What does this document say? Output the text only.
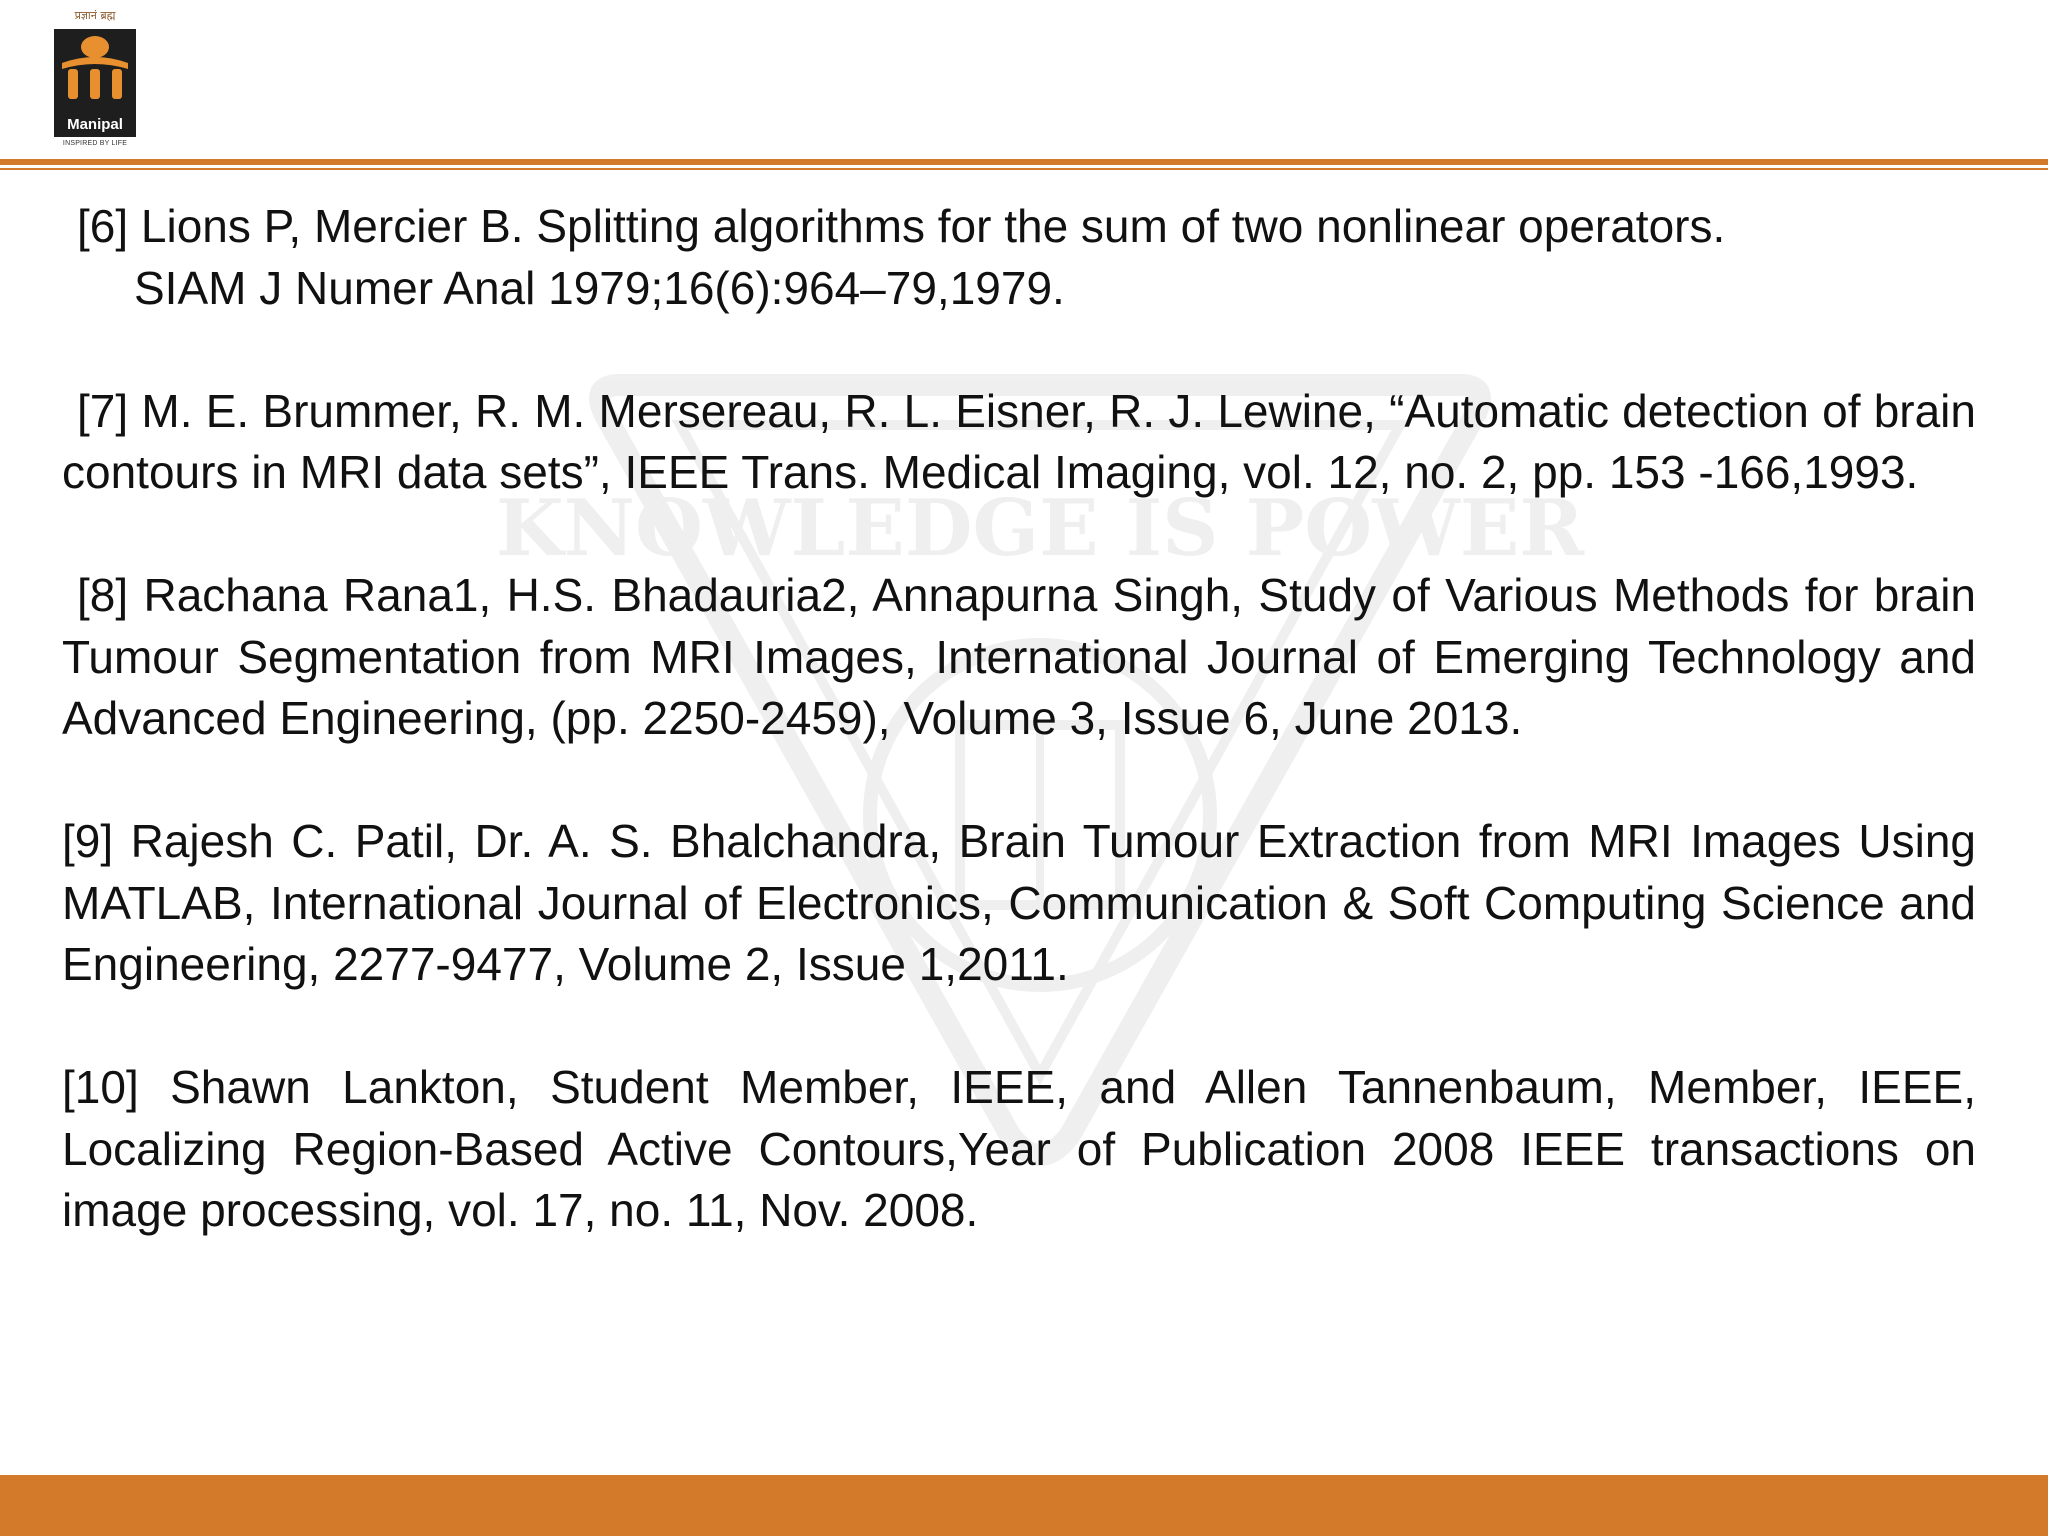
प्रज्ञानं ब्रह्म
Manipal
INSPIRED BY LIFE
KNOWLEDGE IS POWER

[6] Lions P, Mercier B. Splitting algorithms for the sum of two nonlinear operators.
SIAM J Numer Anal 1979;16(6):964–79,1979.

[7] M. E. Brummer, R. M. Mersereau, R. L. Eisner, R. J. Lewine, “Automatic detection of brain contours in MRI data sets”, IEEE Trans. Medical Imaging, vol. 12, no. 2, pp. 153 -166,1993.

[8] Rachana Rana1, H.S. Bhadauria2, Annapurna Singh, Study of Various Methods for brain Tumour Segmentation from MRI Images, International Journal of Emerging Technology and Advanced Engineering, (pp. 2250-2459), Volume 3, Issue 6, June 2013.

[9] Rajesh C. Patil, Dr. A. S. Bhalchandra, Brain Tumour Extraction from MRI Images Using MATLAB, International Journal of Electronics, Communication & Soft Computing Science and Engineering, 2277-9477, Volume 2, Issue 1,2011.

[10] Shawn Lankton, Student Member, IEEE, and Allen Tannenbaum, Member, IEEE, Localizing Region-Based Active Contours,Year of Publication 2008 IEEE transactions on image processing, vol. 17, no. 11, Nov. 2008.
